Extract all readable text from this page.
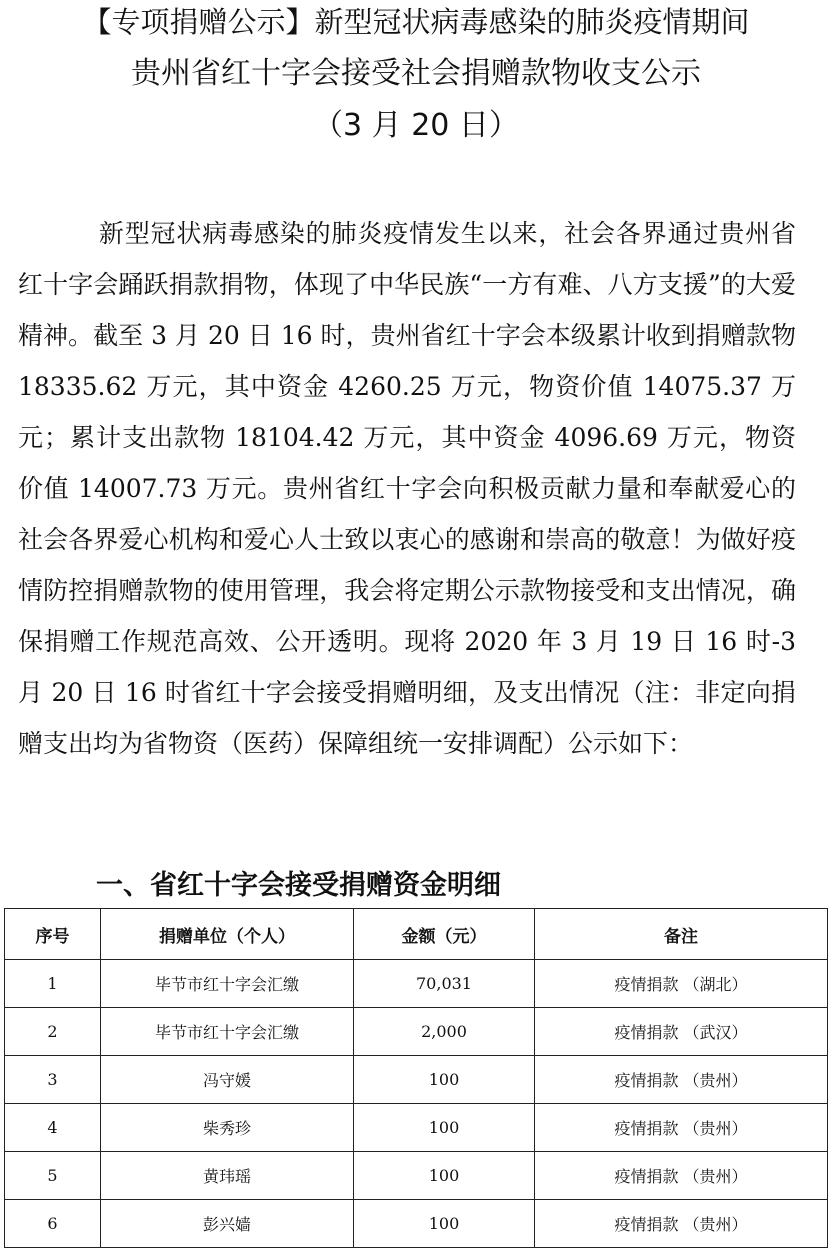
【专项捐赠公示】新型冠状病毒感染的肺炎疫情期间
贵州省红十字会接受社会捐赠款物收支公示
（3 月 20 日）
新型冠状病毒感染的肺炎疫情发生以来，社会各界通过贵州省红十字会踊跃捐款捐物，体现了中华民族“一方有难、八方支援”的大爱精神。截至 3 月 20 日 16 时，贵州省红十字会本级累计收到捐赠款物 18335.62 万元，其中资金 4260.25 万元，物资价值 14075.37 万元；累计支出款物 18104.42 万元，其中资金 4096.69 万元，物资价值 14007.73 万元。贵州省红十字会向积极贡献力量和奉献爱心的社会各界爱心机构和爱心人士致以衷心的感谢和崇高的敬意！为做好疫情防控捐赠款物的使用管理，我会将定期公示款物接受和支出情况，确保捐赠工作规范高效、公开透明。现将 2020 年 3 月 19 日 16 时-3 月 20 日 16 时省红十字会接受捐赠明细，及支出情况（注：非定向捐赠支出均为省物资（医药）保障组统一安排调配）公示如下：
一、省红十字会接受捐赠资金明细
序号	捐赠单位（个人）	金额（元）	备注
1	毕节市红十字会汇缴	70,031	疫情捐款 （湖北）
2	毕节市红十字会汇缴	2,000	疫情捐款 （武汉）
3	冯守媛	100	疫情捐款 （贵州）
4	柴秀珍	100	疫情捐款 （贵州）
5	黄玮瑶	100	疫情捐款 （贵州）
6	彭兴嫱	100	疫情捐款 （贵州）
